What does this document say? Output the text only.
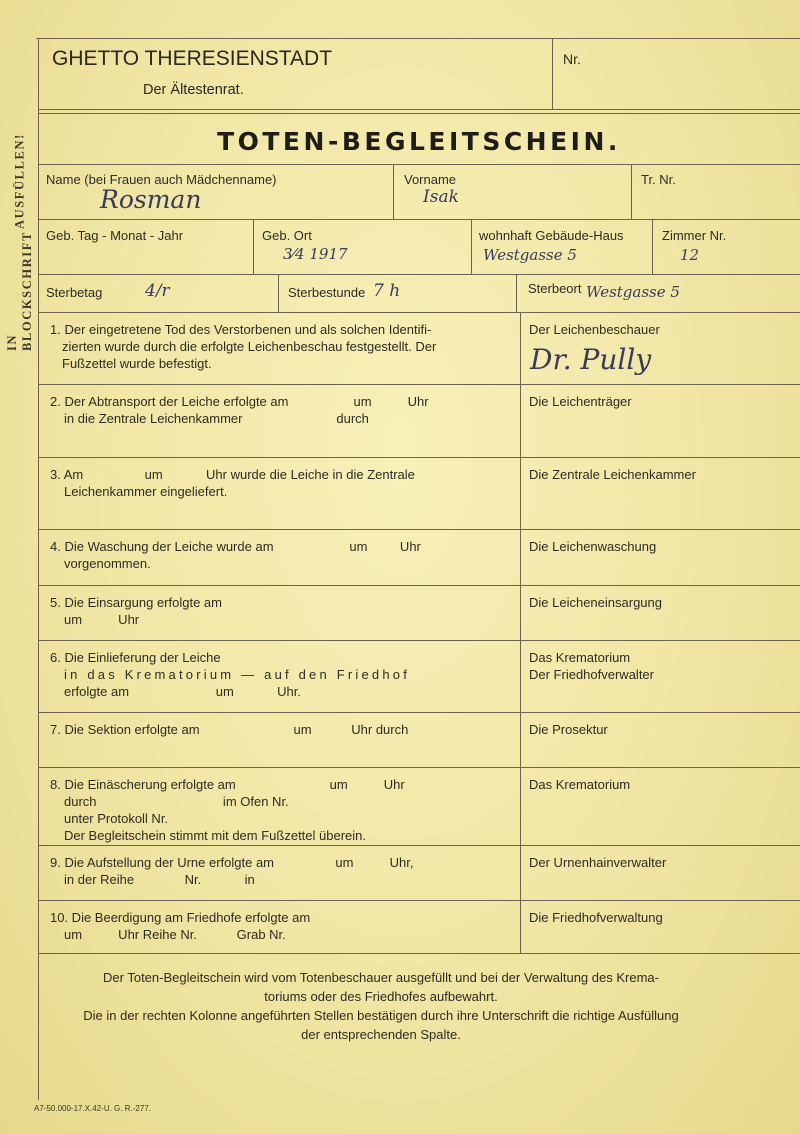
IN BLOCKSCHRIFT
AUSFÜLLEN!
GHETTO THERESIENSTADT
Der Ältestenrat.
Nr.
TOTEN-BEGLEITSCHEIN.
Name (bei Frauen auch Mädchenname)
Rosman
Vorname
Isak
Tr. Nr.
Geb. Tag - Monat - Jahr	Geb. Ort
3⁄4 1917
wohnhaft Gebäude-Haus
Westgasse 5
Zimmer Nr.
12
Sterbetag	4/r	Sterbestunde 7 h	Sterbeort Westgasse 5
1. Der eingetretene Tod des Verstorbenen und als solchen Identifi-
zierten wurde durch die erfolgte Leichenbeschau festgestellt. Der
Fußzettel wurde befestigt.
Der Leichenbeschauer
Dr. Pully
2. Der Abtransport der Leiche erfolgte am                  um          Uhr
in die Zentrale Leichenkammer                          durch
Die Leichenträger
3. Am                 um            Uhr wurde die Leiche in die Zentrale
Leichenkammer eingeliefert.
Die Zentrale Leichenkammer
4. Die Waschung der Leiche wurde am                     um         Uhr
vorgenommen.
Die Leichenwaschung
5. Die Einsargung erfolgte am
um          Uhr
Die Leicheneinsargung
6. Die Einlieferung der Leiche
in das Krematorium — auf den Friedhof
erfolgte am                        um            Uhr.
Das Krematorium
Der Friedhofverwalter
7. Die Sektion erfolgte am                          um           Uhr durch	Die Prosektur
8. Die Einäscherung erfolgte am                          um          Uhr
durch                                   im Ofen Nr.
unter Protokoll Nr.
Der Begleitschein stimmt mit dem Fußzettel überein.
Das Krematorium
9. Die Aufstellung der Urne erfolgte am                 um          Uhr,
in der Reihe              Nr.            in
Der Urnenhainverwalter
10. Die Beerdigung am Friedhofe erfolgte am
um          Uhr Reihe Nr.           Grab Nr.
Die Friedhofverwaltung
Der Toten-Begleitschein wird vom Totenbeschauer ausgefüllt und bei der Verwaltung des Krema-
toriums oder des Friedhofes aufbewahrt.
Die in der rechten Kolonne angeführten Stellen bestätigen durch ihre Unterschrift die richtige Ausfüllung
der entsprechenden Spalte.
A7-50.000-17.X.42-U. G. R.-277.
